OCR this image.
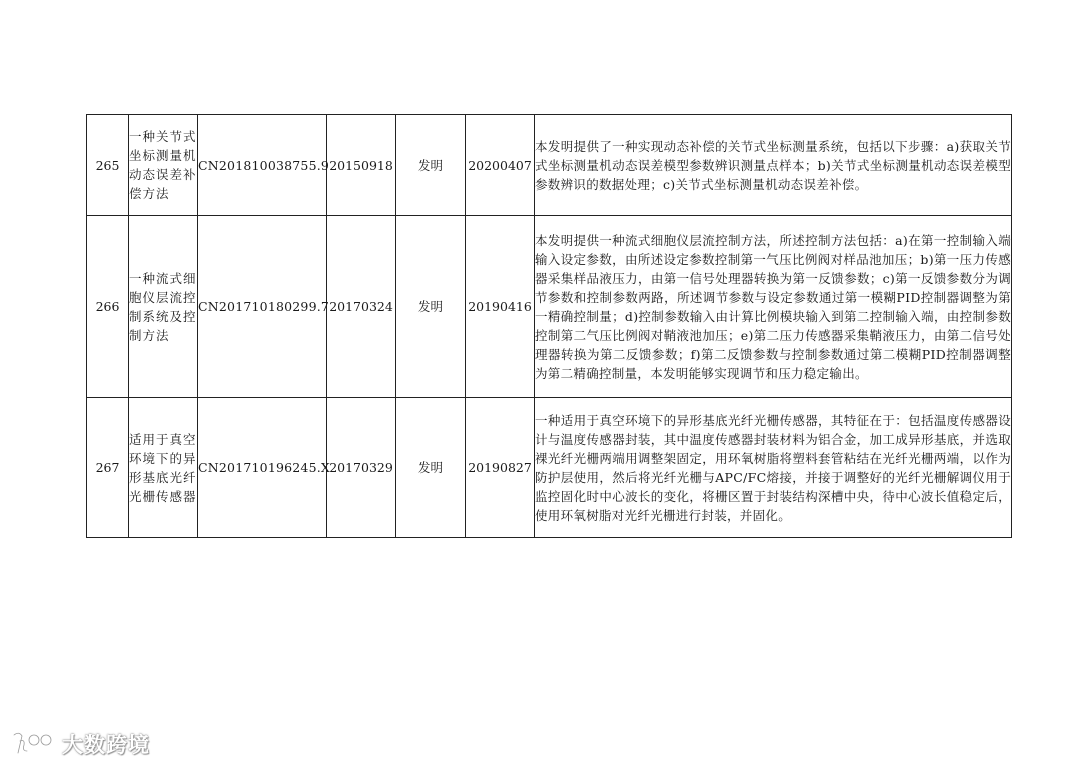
265	一种关节式坐标测量机动态误差补偿方法	CN201810038755.9	20150918	发明	20200407	本发明提供了一种实现动态补偿的关节式坐标测量系统，包括以下步骤：a)获取关节式坐标测量机动态误差模型参数辨识测量点样本；b)关节式坐标测量机动态误差模型参数辨识的数据处理；c)关节式坐标测量机动态误差补偿。
266	一种流式细胞仪层流控制系统及控制方法	CN201710180299.7	20170324	发明	20190416	本发明提供一种流式细胞仪层流控制方法，所述控制方法包括：a)在第一控制输入端输入设定参数，由所述设定参数控制第一气压比例阀对样品池加压；b)第一压力传感器采集样品液压力，由第一信号处理器转换为第一反馈参数；c)第一反馈参数分为调节参数和控制参数两路，所述调节参数与设定参数通过第一模糊PID控制器调整为第一精确控制量；d)控制参数输入由计算比例模块输入到第二控制输入端，由控制参数控制第二气压比例阀对鞘液池加压；e)第二压力传感器采集鞘液压力，由第二信号处理器转换为第二反馈参数；f)第二反馈参数与控制参数通过第二模糊PID控制器调整为第二精确控制量，本发明能够实现调节和压力稳定输出。
267	适用于真空环境下的异形基底光纤光栅传感器	CN201710196245.X	20170329	发明	20190827	一种适用于真空环境下的异形基底光纤光栅传感器，其特征在于：包括温度传感器设计与温度传感器封装，其中温度传感器封装材料为铝合金，加工成异形基底，并选取裸光纤光栅两端用调整架固定，用环氧树脂将塑料套管粘结在光纤光栅两端，以作为防护层使用，然后将光纤光栅与APC/FC熔接，并接于调整好的光纤光栅解调仪用于监控固化时中心波长的变化，将栅区置于封装结构深槽中央，待中心波长值稳定后，使用环氧树脂对光纤光栅进行封装，并固化。
大数跨境
